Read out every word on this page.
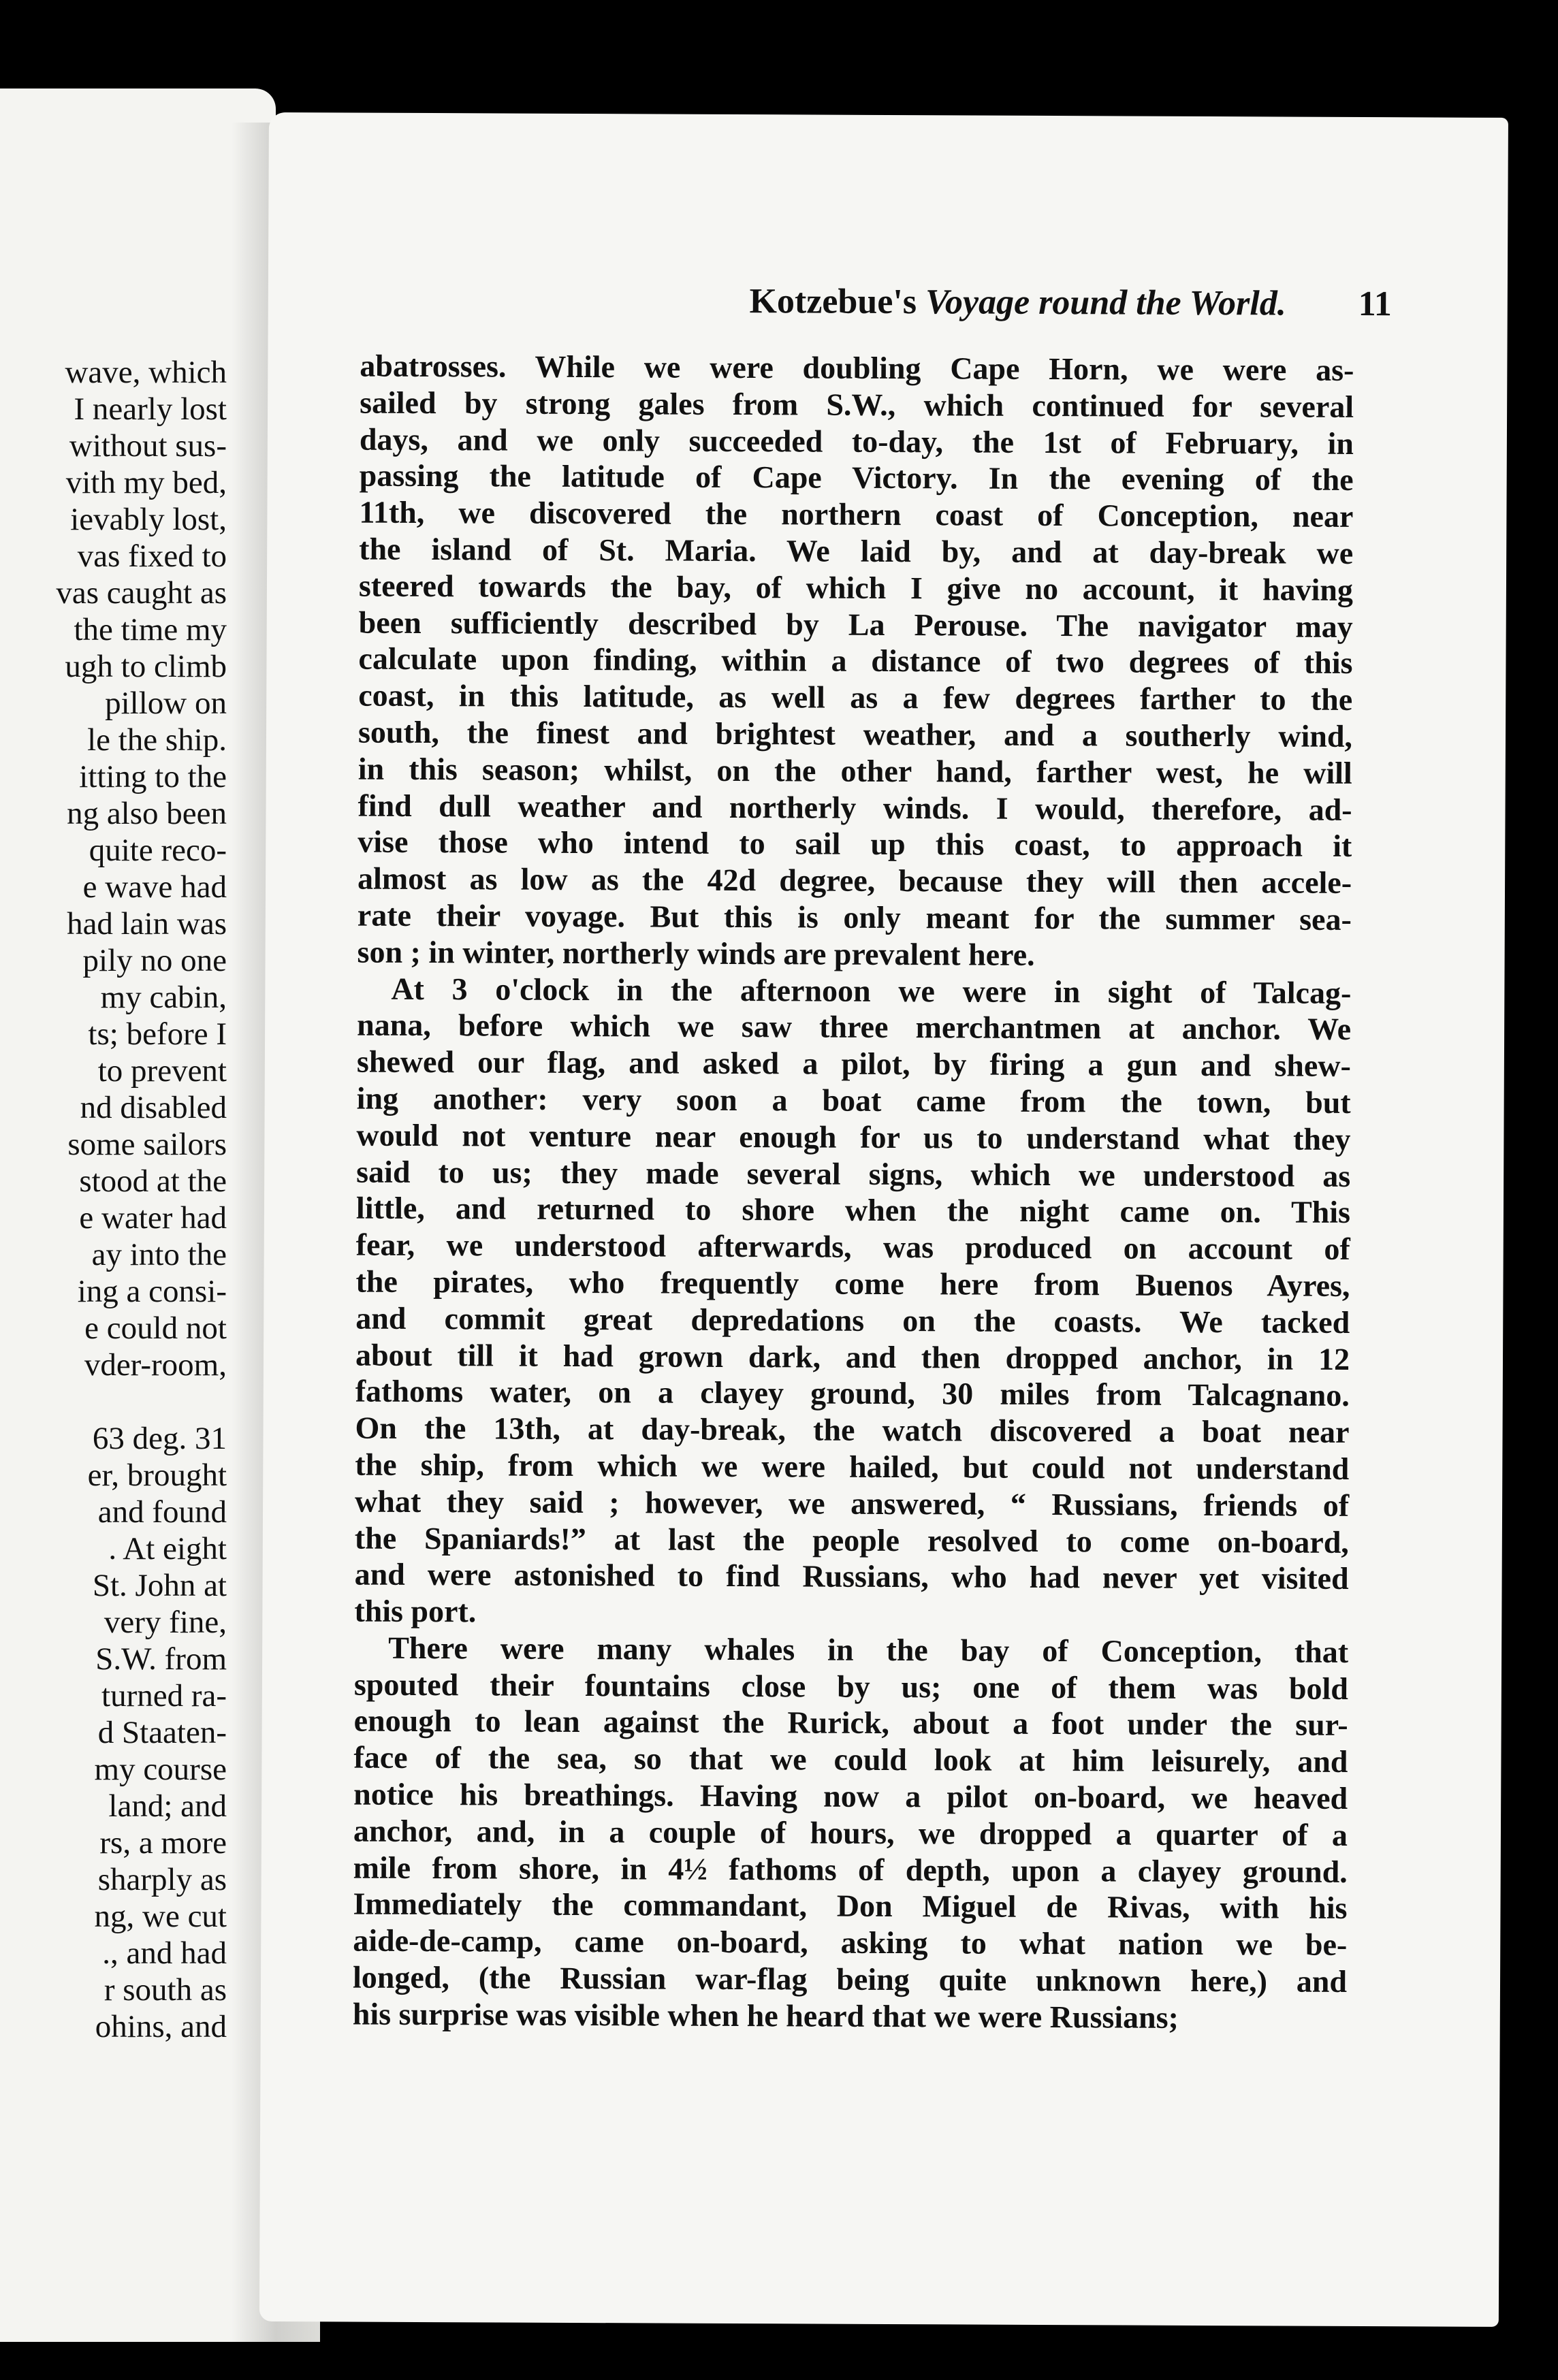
wave, which
I nearly lost
without sus-
vith my bed,
ievably lost,
vas fixed to
vas caught as
the time my
ugh to climb
pillow on
le the ship.
itting to the
ng also been
quite reco-
e wave had
had lain was
pily no one
my cabin,
ts; before I
to prevent
nd disabled
some sailors
stood at the
e water had
ay into the
ing a consi-
e could not
vder-room,
63 deg. 31
er, brought
and found
. At eight
St. John at
very fine,
S.W. from
turned ra-
d Staaten-
my course
land; and
rs, a more
sharply as
ng, we cut
., and had
r south as
ohins, and
Kotzebue's Voyage round the World. 11
abatrosses. While we were doubling Cape Horn, we were as-
sailed by strong gales from S.W., which continued for several
days, and we only succeeded to-day, the 1st of February, in
passing the latitude of Cape Victory. In the evening of the
11th, we discovered the northern coast of Conception, near
the island of St. Maria. We laid by, and at day-break we
steered towards the bay, of which I give no account, it having
been sufficiently described by La Perouse. The navigator may
calculate upon finding, within a distance of two degrees of this
coast, in this latitude, as well as a few degrees farther to the
south, the finest and brightest weather, and a southerly wind,
in this season; whilst, on the other hand, farther west, he will
find dull weather and northerly winds. I would, therefore, ad-
vise those who intend to sail up this coast, to approach it
almost as low as the 42d degree, because they will then accele-
rate their voyage. But this is only meant for the summer sea-
son ; in winter, northerly winds are prevalent here.
At 3 o'clock in the afternoon we were in sight of Talcag-
nana, before which we saw three merchantmen at anchor. We
shewed our flag, and asked a pilot, by firing a gun and shew-
ing another: very soon a boat came from the town, but
would not venture near enough for us to understand what they
said to us; they made several signs, which we understood as
little, and returned to shore when the night came on. This
fear, we understood afterwards, was produced on account of
the pirates, who frequently come here from Buenos Ayres,
and commit great depredations on the coasts. We tacked
about till it had grown dark, and then dropped anchor, in 12
fathoms water, on a clayey ground, 30 miles from Talcagnano.
On the 13th, at day-break, the watch discovered a boat near
the ship, from which we were hailed, but could not understand
what they said ; however, we answered, “ Russians, friends of
the Spaniards!” at last the people resolved to come on-board,
and were astonished to find Russians, who had never yet visited
this port.
There were many whales in the bay of Conception, that
spouted their fountains close by us; one of them was bold
enough to lean against the Rurick, about a foot under the sur-
face of the sea, so that we could look at him leisurely, and
notice his breathings. Having now a pilot on-board, we heaved
anchor, and, in a couple of hours, we dropped a quarter of a
mile from shore, in 4½ fathoms of depth, upon a clayey ground.
Immediately the commandant, Don Miguel de Rivas, with his
aide-de-camp, came on-board, asking to what nation we be-
longed, (the Russian war-flag being quite unknown here,) and
his surprise was visible when he heard that we were Russians;
